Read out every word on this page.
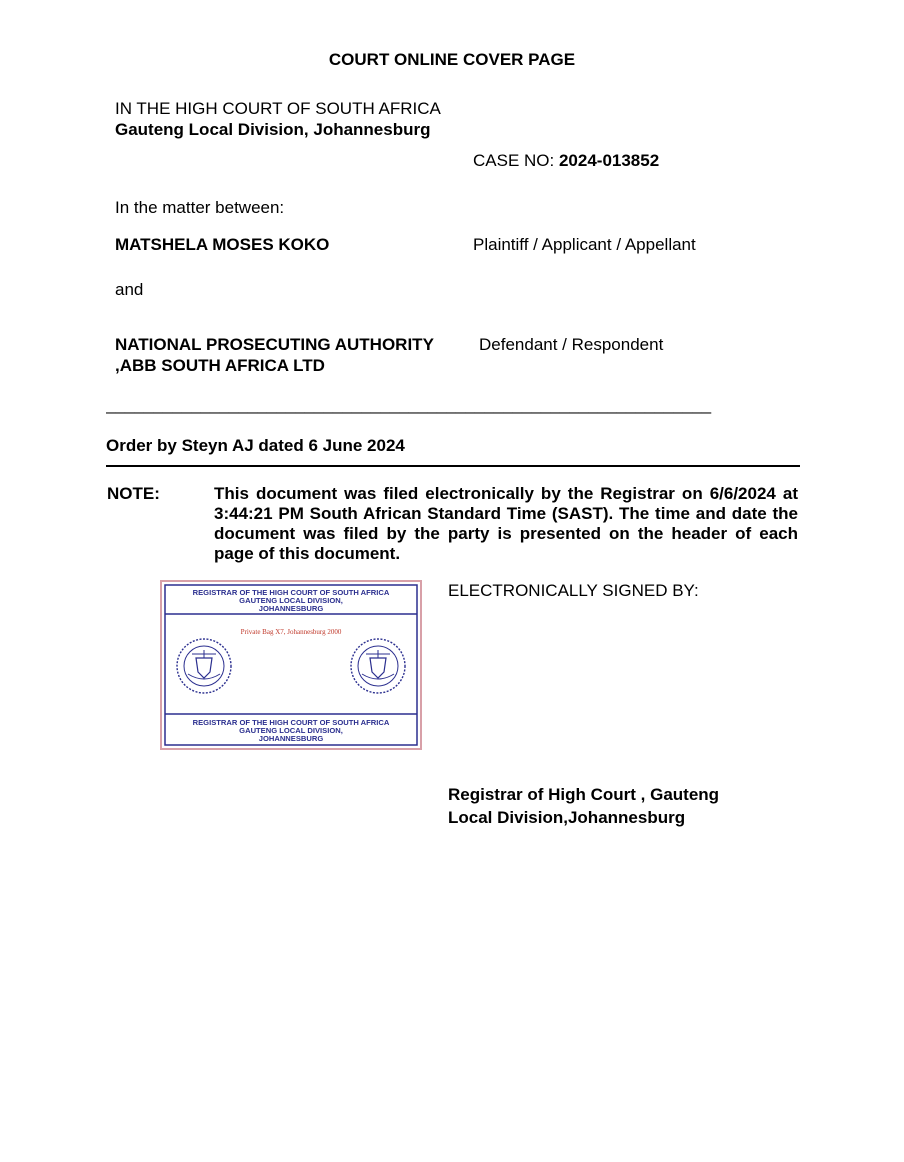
COURT ONLINE COVER PAGE
IN THE HIGH COURT OF SOUTH AFRICA
Gauteng Local Division, Johannesburg
CASE NO: 2024-013852
In the matter between:
MATSHELA MOSES KOKO	Plaintiff / Applicant / Appellant
and
NATIONAL PROSECUTING AUTHORITY
,ABB SOUTH AFRICA LTD
Defendant / Respondent
________________________________________________________________
Order by Steyn AJ dated 6 June 2024
NOTE:	This document was filed electronically by the Registrar on 6/6/2024 at 3:44:21 PM South African Standard Time (SAST). The time and date the document was filed by the party is presented on the header of each page of this document.
REGISTRAR OF THE HIGH COURT OF SOUTH AFRICA
GAUTENG LOCAL DIVISION,
JOHANNESBURG
Private Bag X7, Johannesburg 2000
REGISTRAR OF THE HIGH COURT OF SOUTH AFRICA
GAUTENG LOCAL DIVISION,
JOHANNESBURG
ELECTRONICALLY SIGNED BY:
Registrar of High Court , Gauteng
Local Division,Johannesburg
